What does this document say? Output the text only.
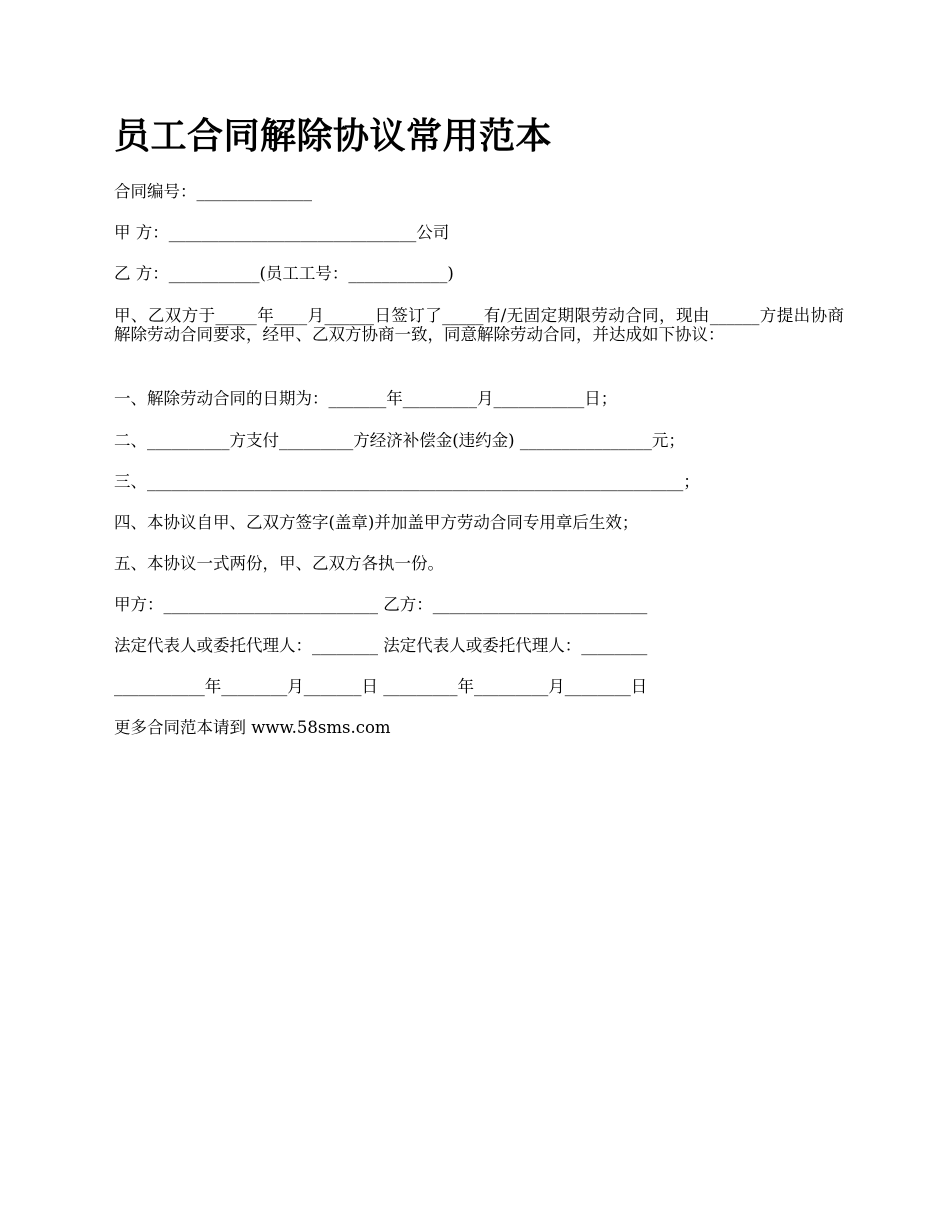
员工合同解除协议常用范本

合同编号：______________

甲 方：______________________________公司

乙 方：___________(员工工号：____________)

甲、乙双方于_____年____月______日签订了_____有/无固定期限劳动合同，现由______方提出协商解除劳动合同要求，经甲、乙双方协商一致，同意解除劳动合同，并达成如下协议：

一、解除劳动合同的日期为：_______年_________月___________日；

二、__________方支付_________方经济补偿金(违约金) ________________元；

三、_________________________________________________________________；

四、本协议自甲、乙双方签字(盖章)并加盖甲方劳动合同专用章后生效；

五、本协议一式两份，甲、乙双方各执一份。

甲方：__________________________ 乙方：__________________________

法定代表人或委托代理人：________ 法定代表人或委托代理人：________

___________年________月_______日 _________年_________月________日

更多合同范本请到 www.58sms.com
